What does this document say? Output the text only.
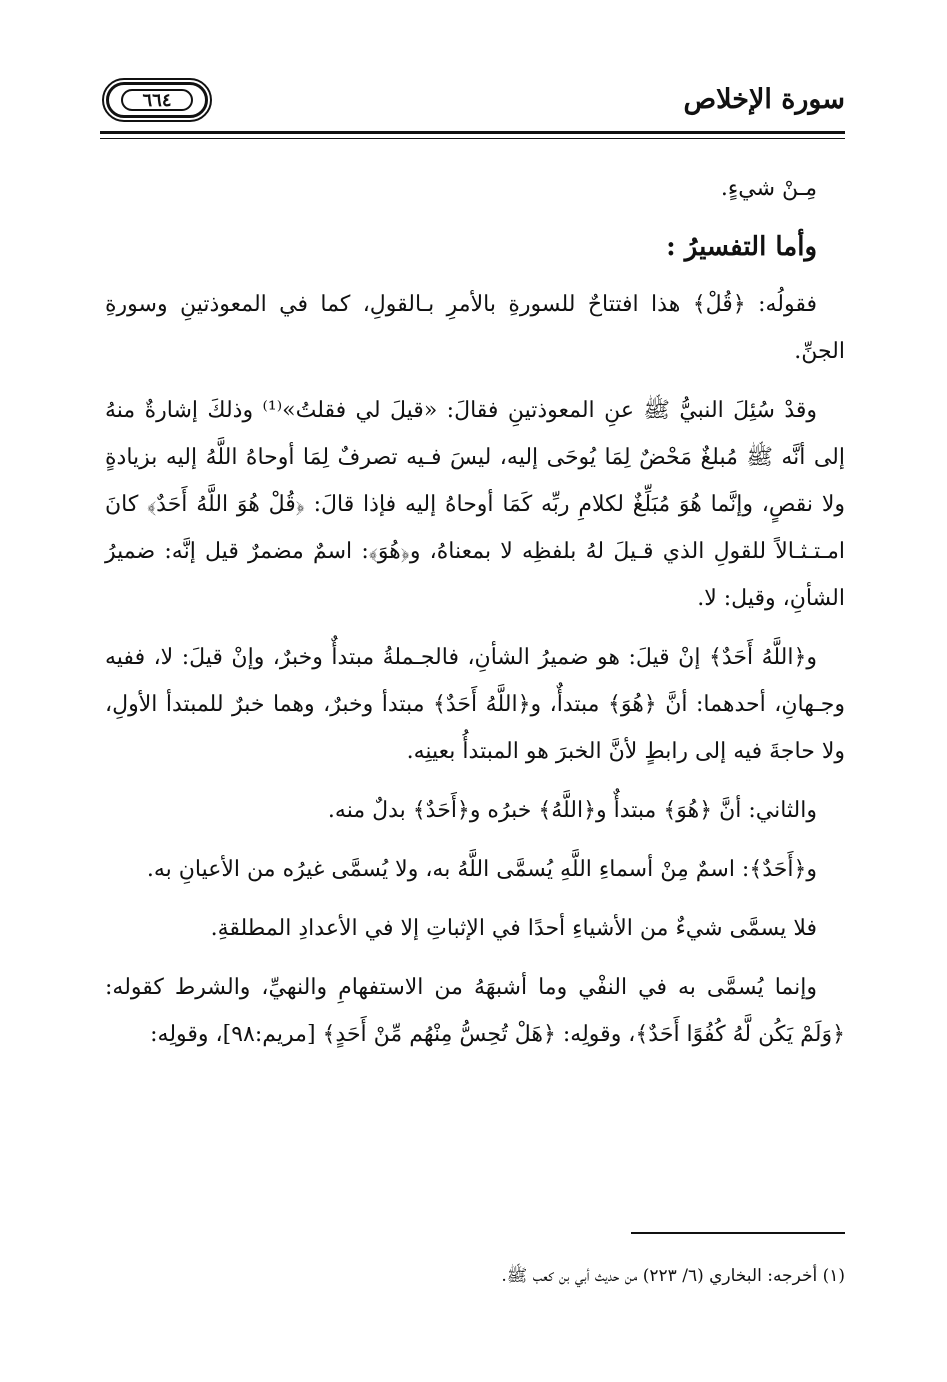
سورة الإخلاص
٦٦٤

مِـنْ شيءٍ.

وأما التفسيرُ :

فقولُه: ﴿قُلْ﴾ هذا افتتاحٌ للسورةِ بالأمرِ بـالقولِ، كما في المعوذتينِ وسورةِ الجنِّ.

وقدْ سُئِلَ النبيُّ ﷺ عنِ المعوذتينِ فقالَ: «قيلَ لي فقلتُ»⁽¹⁾ وذلكَ إشارةٌ منهُ إلى أنَّه ﷺ مُبلغٌ مَحْضٌ لِمَا يُوحَى إليه، ليسَ فـيه تصرفٌ لِمَا أوحاهُ اللَّهُ إليه بزيادةٍ ولا نقصٍ، وإنَّما هُوَ مُبَلِّغٌ لكلامِ ربِّه كَمَا أوحاهُ إليه فإذا قالَ: ﴿قُلْ هُوَ اللَّهُ أَحَدٌ﴾ كانَ امـتـثـالاً للقولِ الذي قـيلَ لهُ بلفظِه لا بمعناهُ، و﴿هُوَ﴾: اسمٌ مضمرٌ قيل إنَّه: ضميرُ الشأنِ، وقيل: لا.

و﴿اللَّهُ أَحَدٌ﴾ إنْ قيلَ: هو ضميرُ الشأنِ، فالجـملةُ مبتدأٌ وخبرٌ، وإنْ قيلَ: لا، ففيه وجـهانِ، أحدهما: أنَّ ﴿هُوَ﴾ مبتدأٌ، و﴿اللَّهُ أَحَدٌ﴾ مبتدأ وخبرٌ، وهما خبرٌ للمبتدأ الأولِ، ولا حاجةَ فيه إلى رابطٍ لأنَّ الخبرَ هو المبتدأُ بعينِه.

والثاني: أنَّ ﴿هُوَ﴾ مبتدأٌ و﴿اللَّهُ﴾ خبرُه و﴿أَحَدٌ﴾ بدلٌ منه.

و﴿أَحَدٌ﴾: اسمٌ مِنْ أسماءِ اللَّهِ يُسمَّى اللَّهُ به، ولا يُسمَّى غيرُه من الأعيانِ به.

فلا يسمَّى شيءٌ من الأشياءِ أحدًا في الإثباتِ إلا في الأعدادِ المطلقةِ.

وإنما يُسمَّى به في النفْي وما أشبهَهُ من الاستفهامِ والنهيِّ، والشرط كقوله: ﴿وَلَمْ يَكُن لَّهُ كُفُوًا أَحَدٌ﴾، وقولِه: ﴿هَلْ تُحِسُّ مِنْهُم مِّنْ أَحَدٍ﴾ [مريم:٩٨]، وقولِه:

(١) أخرجه: البخاري (٦/ ٢٢٣) من حديث أبي بن كعب ﷺ.
